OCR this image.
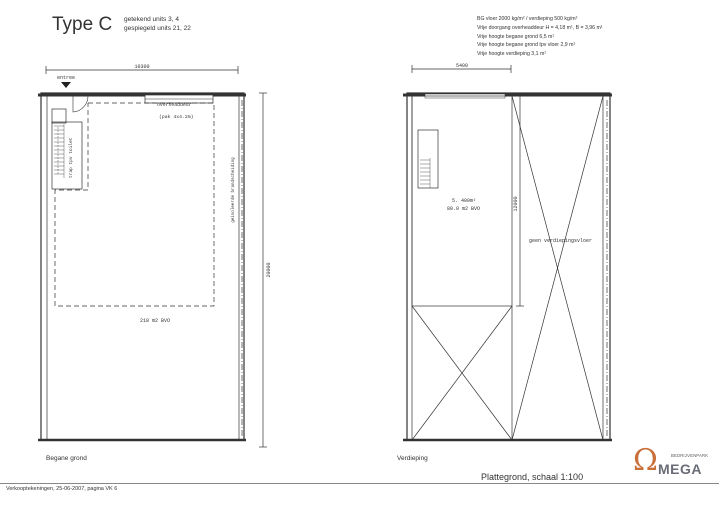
Type C getekend units 3, 4
gespiegeld units 21, 22
BG vloer 2000 kg/m² / verdieping 500 kg/m²
Vrije doorgang overheaddeur H = 4,18 m¹, B = 3,96 m¹
Vrije hoogte begane grond 6,5 m¹
Vrije hoogte begane grond tpv vloer 2,9 m¹
Vrije hoogte verdieping 3,1 m¹
10300
entree
overheaddeur
(pak 4x4.2m)
trap tpv toilet	geisoleerde brandscheiding
20000
218 m2 BVO
5400
12000
5. 400m²
80.0 m2 BVO
geen verdiepingsvloer
Begane grond	Verdieping
Plattegrond, schaal 1:100
BEDRIJVENPARK
Ω MEGA
Verkooptekeningen, 25-06-2007, pagina VK 6
